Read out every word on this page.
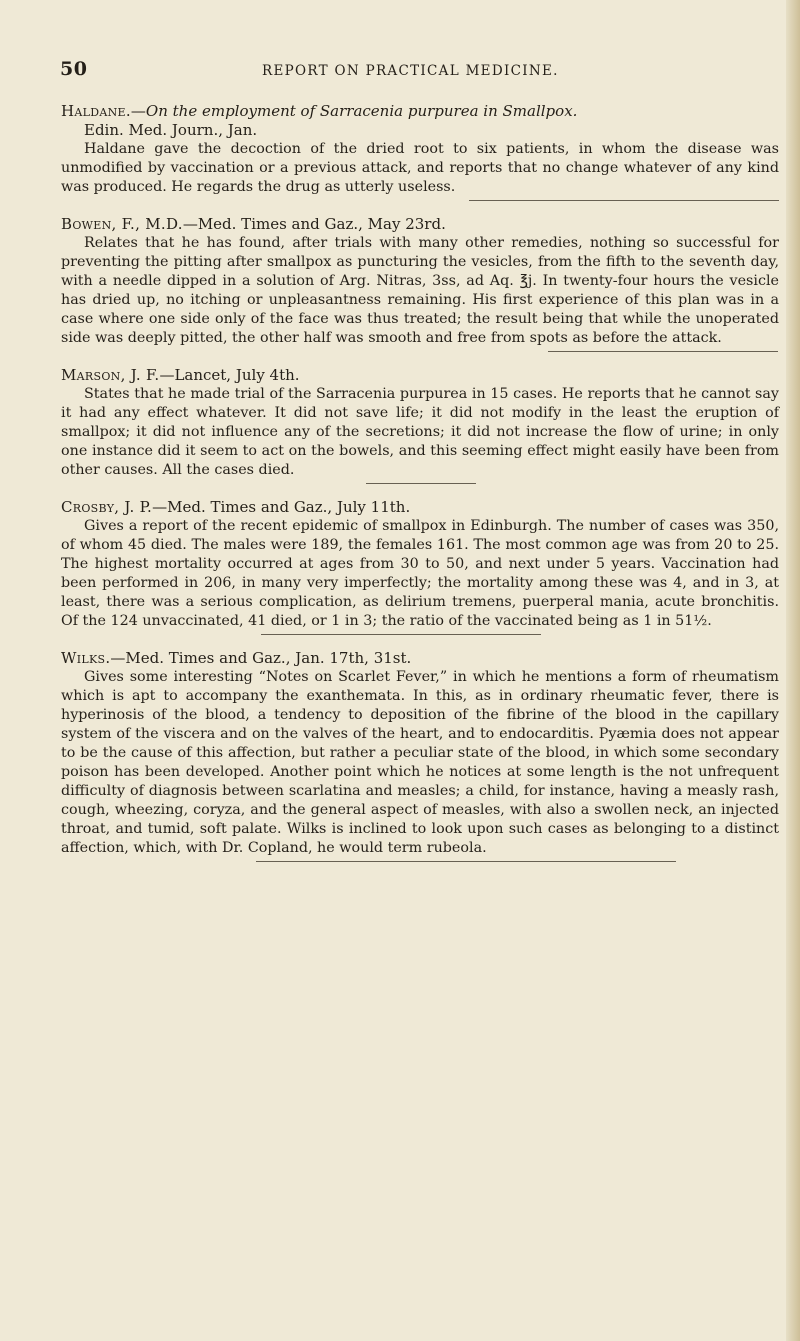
50	REPORT ON PRACTICAL MEDICINE.

Haldane.—On the employment of Sarracenia purpurea in Smallpox.
Edin. Med. Journ., Jan.

Haldane gave the decoction of the dried root to six patients, in whom the disease was unmodified by vaccination or a previous attack, and reports that no change whatever of any kind was produced. He regards the drug as utterly useless.

Bowen, F., M.D.—Med. Times and Gaz., May 23rd.

Relates that he has found, after trials with many other remedies, nothing so successful for preventing the pitting after smallpox as puncturing the vesicles, from the fifth to the seventh day, with a needle dipped in a solution of Arg. Nitras, 3ss, ad Aq. ℥j. In twenty-four hours the vesicle has dried up, no itching or unpleasantness remaining. His first experience of this plan was in a case where one side only of the face was thus treated; the result being that while the unoperated side was deeply pitted, the other half was smooth and free from spots as before the attack.

Marson, J. F.—Lancet, July 4th.

States that he made trial of the Sarracenia purpurea in 15 cases. He reports that he cannot say it had any effect whatever. It did not save life; it did not modify in the least the eruption of smallpox; it did not influence any of the secretions; it did not increase the flow of urine; in only one instance did it seem to act on the bowels, and this seeming effect might easily have been from other causes. All the cases died.

Crosby, J. P.—Med. Times and Gaz., July 11th.

Gives a report of the recent epidemic of smallpox in Edinburgh. The number of cases was 350, of whom 45 died. The males were 189, the females 161. The most common age was from 20 to 25. The highest mortality occurred at ages from 30 to 50, and next under 5 years. Vaccination had been performed in 206, in many very imperfectly; the mortality among these was 4, and in 3, at least, there was a serious complication, as delirium tremens, puerperal mania, acute bronchitis. Of the 124 unvaccinated, 41 died, or 1 in 3; the ratio of the vaccinated being as 1 in 51½.

Wilks.—Med. Times and Gaz., Jan. 17th, 31st.

Gives some interesting “Notes on Scarlet Fever,” in which he mentions a form of rheumatism which is apt to accompany the exanthemata. In this, as in ordinary rheumatic fever, there is hyperinosis of the blood, a tendency to deposition of the fibrine of the blood in the capillary system of the viscera and on the valves of the heart, and to endocarditis. Pyæmia does not appear to be the cause of this affection, but rather a peculiar state of the blood, in which some secondary poison has been developed. Another point which he notices at some length is the not unfrequent difficulty of diagnosis between scarlatina and measles; a child, for instance, having a measly rash, cough, wheezing, coryza, and the general aspect of measles, with also a swollen neck, an injected throat, and tumid, soft palate. Wilks is inclined to look upon such cases as belonging to a distinct affection, which, with Dr. Copland, he would term rubeola.
